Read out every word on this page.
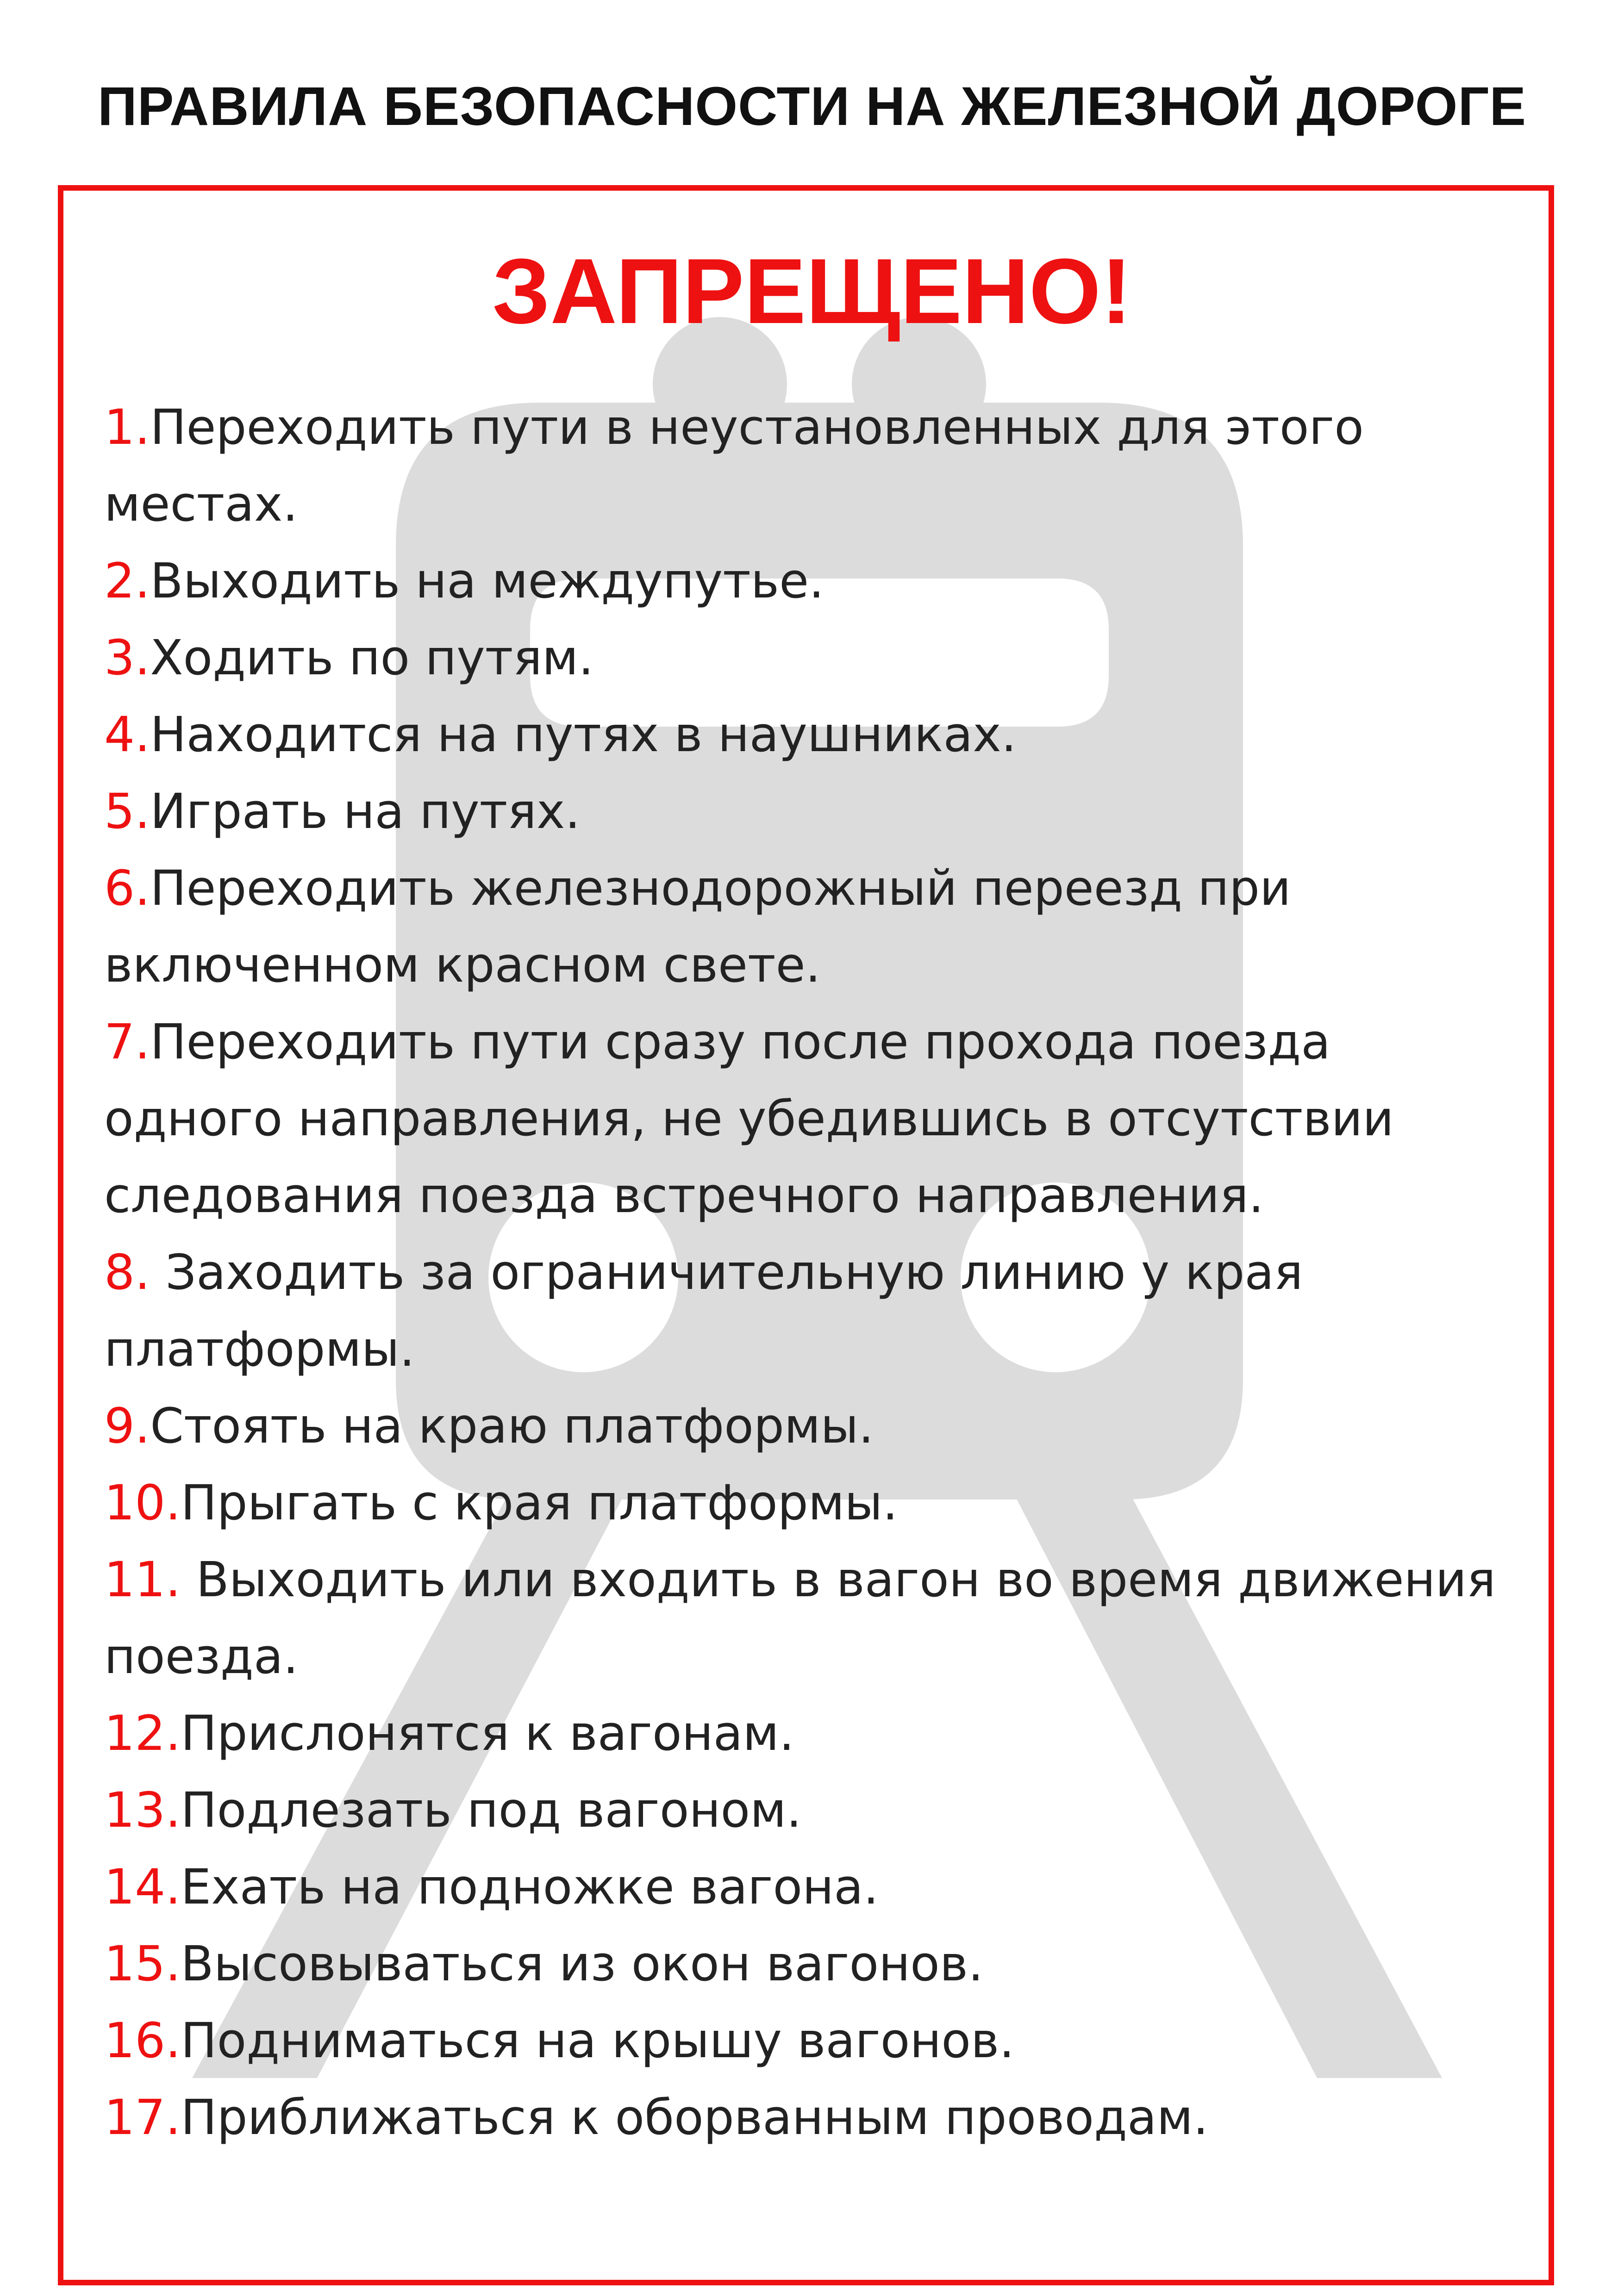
ПРАВИЛА БЕЗОПАСНОСТИ НА ЖЕЛЕЗНОЙ ДОРОГЕ
ЗАПРЕЩЕНО!
1.Переходить пути в неустановленных для этого местах.
2.Выходить на междупутье.
3.Ходить по путям.
4.Находится на путях в наушниках.
5.Играть на путях.
6.Переходить железнодорожный переезд при включенном красном свете.
7.Переходить пути сразу после прохода поезда одного направления, не убедившись в отсутствии следования поезда встречного направления.
8. Заходить за ограничительную линию у края платформы.
9.Стоять на краю платформы.
10.Прыгать с края платформы.
11. Выходить или входить в вагон во время движения поезда.
12.Прислонятся к вагонам.
13.Подлезать под вагоном.
14.Ехать на подножке вагона.
15.Высовываться из окон вагонов.
16.Подниматься на крышу вагонов.
17.Приближаться к оборванным проводам.
